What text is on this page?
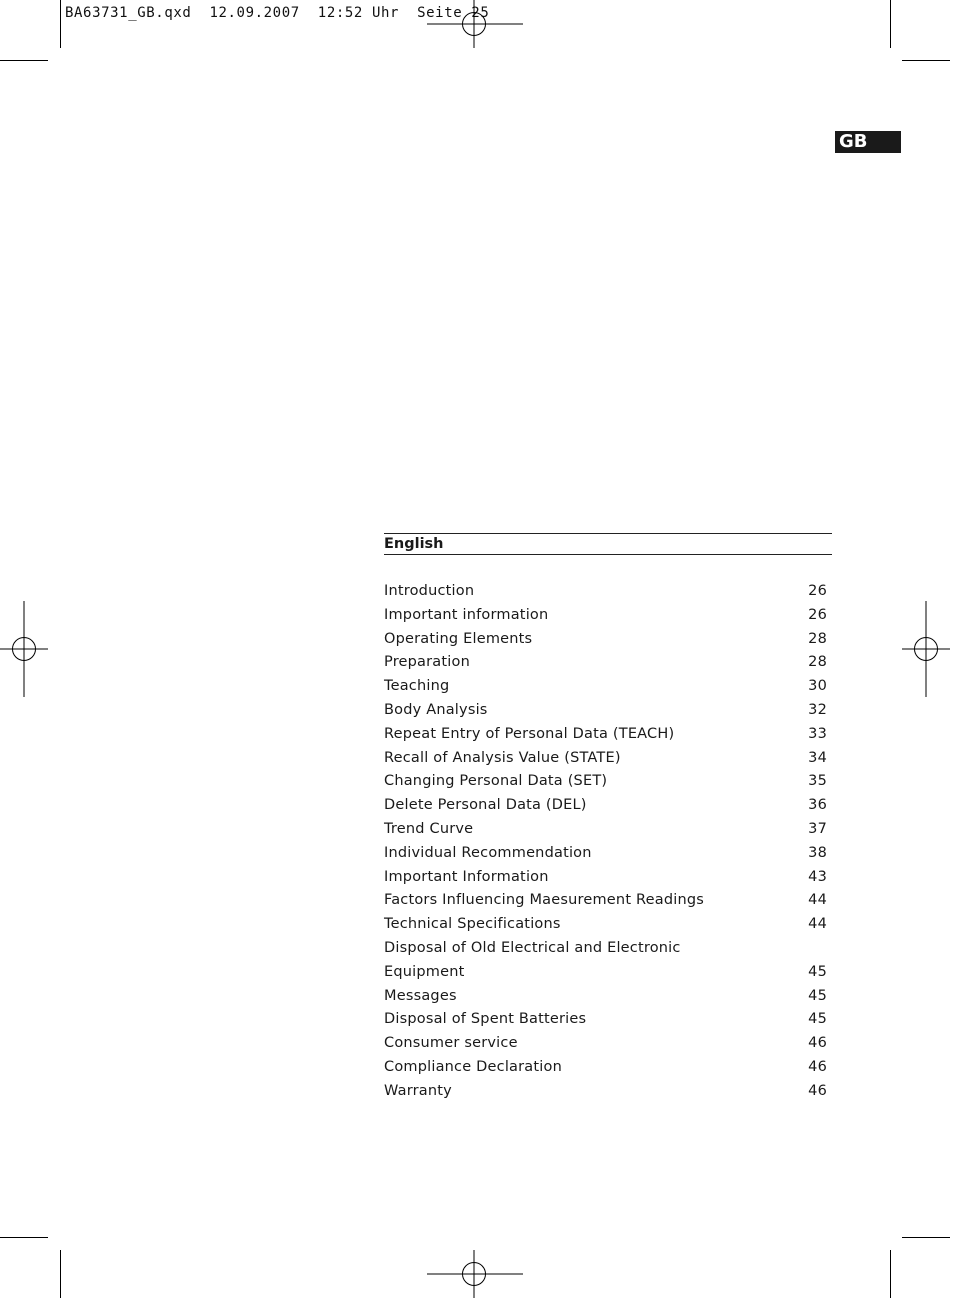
BA63731_GB.qxd  12.09.2007  12:52 Uhr  Seite 25
GB
English
Introduction	26
Important information	26
Operating Elements	28
Preparation	28
Teaching	30
Body Analysis	32
Repeat Entry of Personal Data (TEACH)	33
Recall of Analysis Value (STATE)	34
Changing Personal Data (SET)	35
Delete Personal Data (DEL)	36
Trend Curve	37
Individual Recommendation	38
Important Information	43
Factors Influencing Maesurement Readings	44
Technical Specifications	44
Disposal of Old Electrical and Electronic
Equipment	45
Messages	45
Disposal of Spent Batteries	45
Consumer service	46
Compliance Declaration	46
Warranty	46
